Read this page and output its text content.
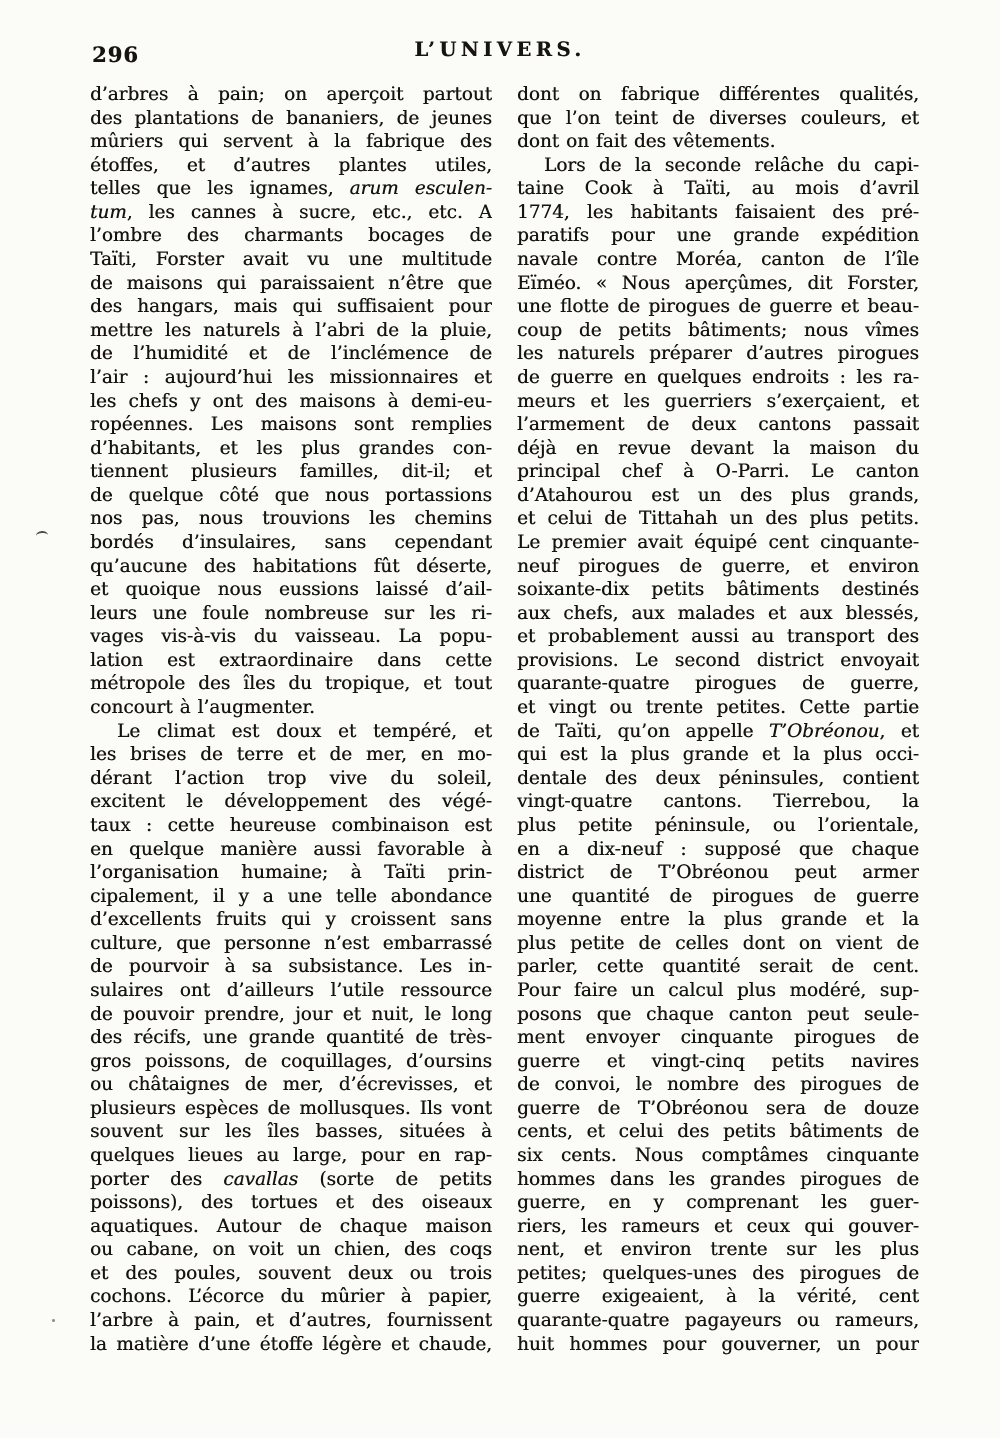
296	L’UNIVERS.
d’arbres à pain; on aperçoit partout
des plantations de bananiers, de jeunes
mûriers qui servent à la fabrique des
étoffes, et d’autres plantes utiles,
telles que les ignames, arum esculen-
tum, les cannes à sucre, etc., etc. A
l’ombre des charmants bocages de
Taïti, Forster avait vu une multitude
de maisons qui paraissaient n’être que
des hangars, mais qui suffisaient pour
mettre les naturels à l’abri de la pluie,
de l’humidité et de l’inclémence de
l’air : aujourd’hui les missionnaires et
les chefs y ont des maisons à demi-eu-
ropéennes. Les maisons sont remplies
d’habitants, et les plus grandes con-
tiennent plusieurs familles, dit-il; et
de quelque côté que nous portassions
nos pas, nous trouvions les chemins
bordés d’insulaires, sans cependant
qu’aucune des habitations fût déserte,
et quoique nous eussions laissé d’ail-
leurs une foule nombreuse sur les ri-
vages vis-à-vis du vaisseau. La popu-
lation est extraordinaire dans cette
métropole des îles du tropique, et tout
concourt à l’augmenter.
Le climat est doux et tempéré, et
les brises de terre et de mer, en mo-
dérant l’action trop vive du soleil,
excitent le développement des végé-
taux : cette heureuse combinaison est
en quelque manière aussi favorable à
l’organisation humaine; à Taïti prin-
cipalement, il y a une telle abondance
d’excellents fruits qui y croissent sans
culture, que personne n’est embarrassé
de pourvoir à sa subsistance. Les in-
sulaires ont d’ailleurs l’utile ressource
de pouvoir prendre, jour et nuit, le long
des récifs, une grande quantité de très-
gros poissons, de coquillages, d’oursins
ou châtaignes de mer, d’écrevisses, et
plusieurs espèces de mollusques. Ils vont
souvent sur les îles basses, situées à
quelques lieues au large, pour en rap-
porter des cavallas (sorte de petits
poissons), des tortues et des oiseaux
aquatiques. Autour de chaque maison
ou cabane, on voit un chien, des coqs
et des poules, souvent deux ou trois
cochons. L’écorce du mûrier à papier,
l’arbre à pain, et d’autres, fournissent
la matière d’une étoffe légère et chaude,
dont on fabrique différentes qualités,
que l’on teint de diverses couleurs, et
dont on fait des vêtements.
Lors de la seconde relâche du capi-
taine Cook à Taïti, au mois d’avril
1774, les habitants faisaient des pré-
paratifs pour une grande expédition
navale contre Moréa, canton de l’île
Eïméo. « Nous aperçûmes, dit Forster,
une flotte de pirogues de guerre et beau-
coup de petits bâtiments; nous vîmes
les naturels préparer d’autres pirogues
de guerre en quelques endroits : les ra-
meurs et les guerriers s’exerçaient, et
l’armement de deux cantons passait
déjà en revue devant la maison du
principal chef à O-Parri. Le canton
d’Atahourou est un des plus grands,
et celui de Tittahah un des plus petits.
Le premier avait équipé cent cinquante-
neuf pirogues de guerre, et environ
soixante-dix petits bâtiments destinés
aux chefs, aux malades et aux blessés,
et probablement aussi au transport des
provisions. Le second district envoyait
quarante-quatre pirogues de guerre,
et vingt ou trente petites. Cette partie
de Taïti, qu’on appelle T’Obréonou, et
qui est la plus grande et la plus occi-
dentale des deux péninsules, contient
vingt-quatre cantons. Tierrebou, la
plus petite péninsule, ou l’orientale,
en a dix-neuf : supposé que chaque
district de T’Obréonou peut armer
une quantité de pirogues de guerre
moyenne entre la plus grande et la
plus petite de celles dont on vient de
parler, cette quantité serait de cent.
Pour faire un calcul plus modéré, sup-
posons que chaque canton peut seule-
ment envoyer cinquante pirogues de
guerre et vingt-cinq petits navires
de convoi, le nombre des pirogues de
guerre de T’Obréonou sera de douze
cents, et celui des petits bâtiments de
six cents. Nous comptâmes cinquante
hommes dans les grandes pirogues de
guerre, en y comprenant les guer-
riers, les rameurs et ceux qui gouver-
nent, et environ trente sur les plus
petites; quelques-unes des pirogues de
guerre exigeaient, à la vérité, cent
quarante-quatre pagayeurs ou rameurs,
huit hommes pour gouverner, un pour
